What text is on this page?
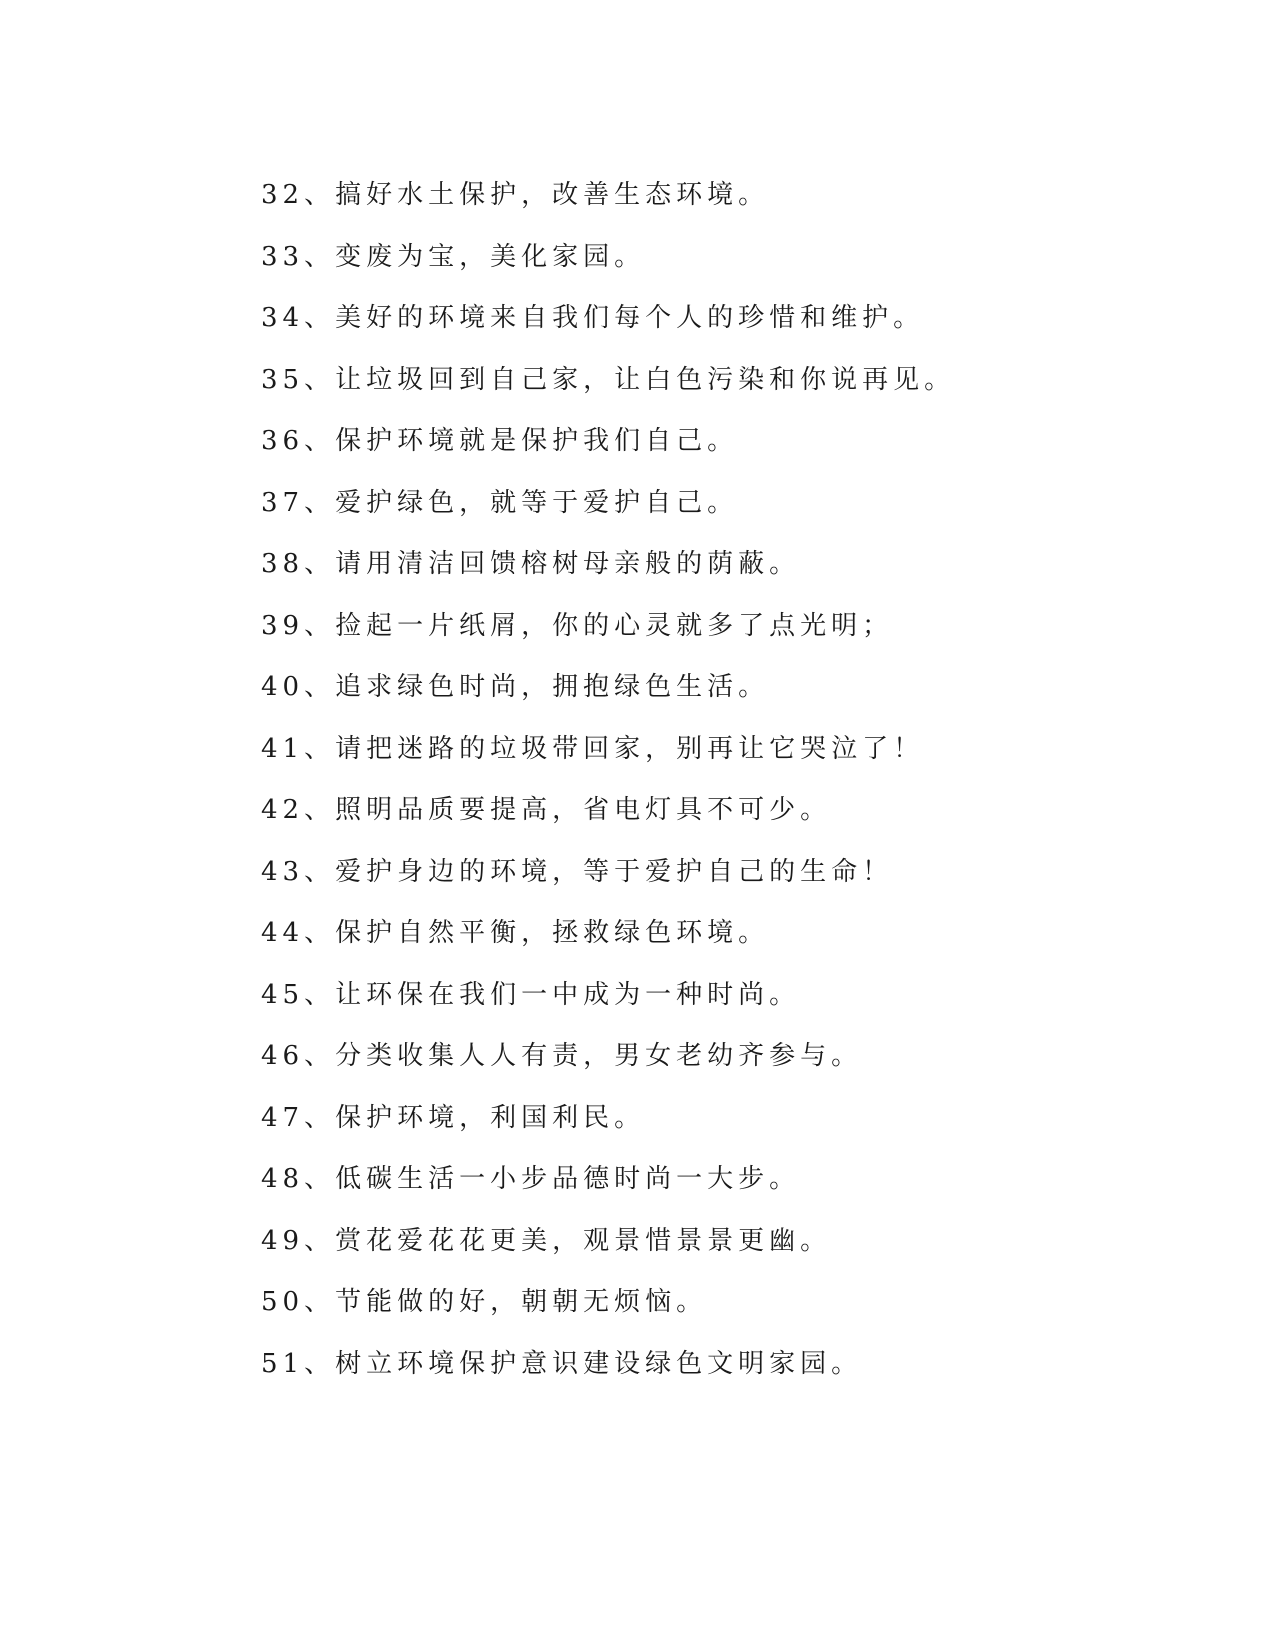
32、搞好水土保护，改善生态环境。
33、变废为宝，美化家园。
34、美好的环境来自我们每个人的珍惜和维护。
35、让垃圾回到自己家，让白色污染和你说再见。
36、保护环境就是保护我们自己。
37、爱护绿色，就等于爱护自己。
38、请用清洁回馈榕树母亲般的荫蔽。
39、捡起一片纸屑，你的心灵就多了点光明；
40、追求绿色时尚，拥抱绿色生活。
41、请把迷路的垃圾带回家，别再让它哭泣了！
42、照明品质要提高，省电灯具不可少。
43、爱护身边的环境，等于爱护自己的生命！
44、保护自然平衡，拯救绿色环境。
45、让环保在我们一中成为一种时尚。
46、分类收集人人有责，男女老幼齐参与。
47、保护环境，利国利民。
48、低碳生活一小步品德时尚一大步。
49、赏花爱花花更美，观景惜景景更幽。
50、节能做的好，朝朝无烦恼。
51、树立环境保护意识建设绿色文明家园。
